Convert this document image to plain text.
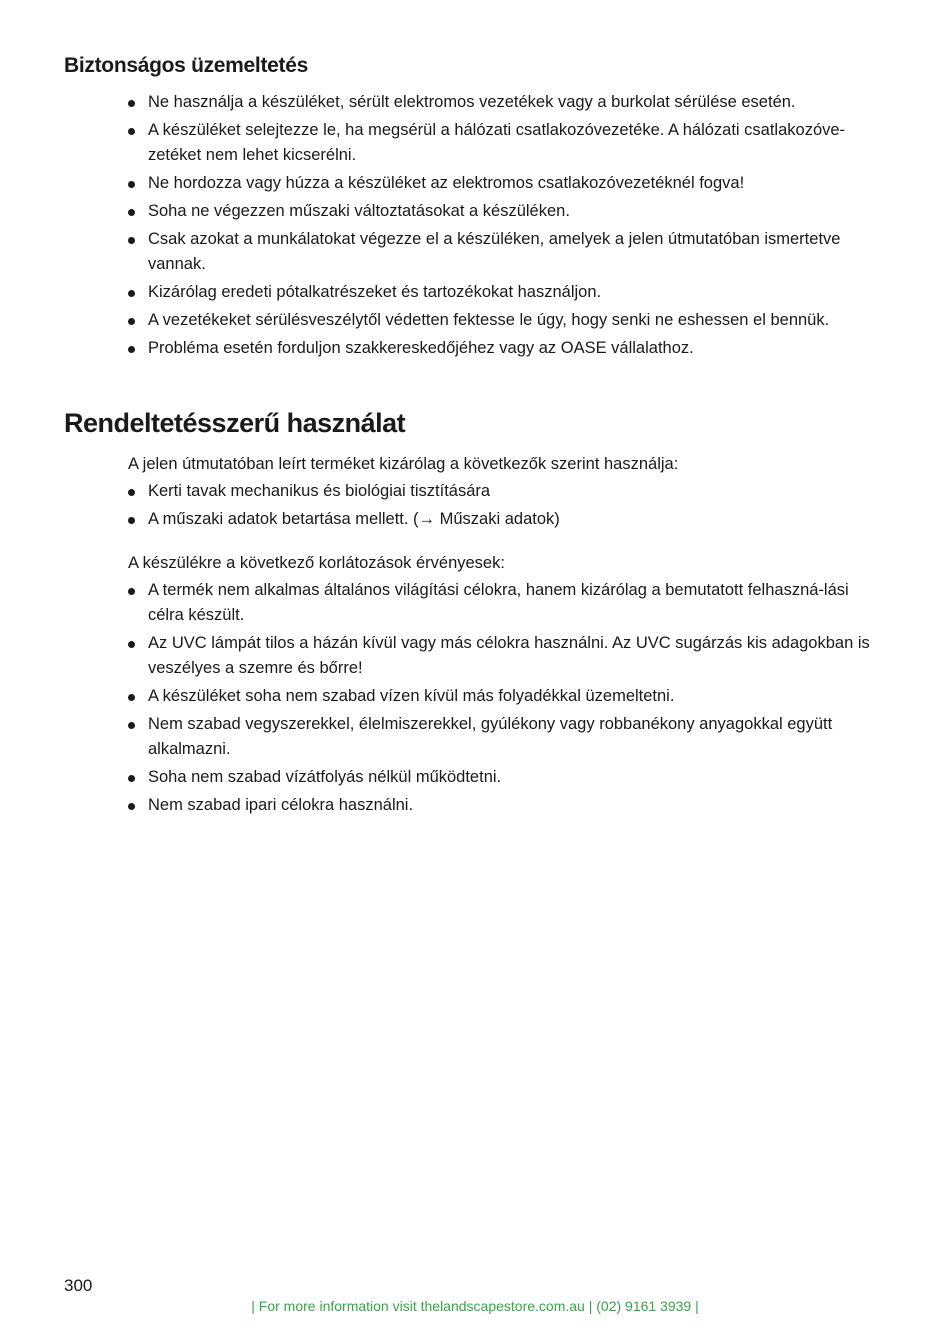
Biztonságos üzemeltetés
Ne használja a készüléket, sérült elektromos vezetékek vagy a burkolat sérülése esetén.
A készüléket selejtezze le, ha megsérül a hálózati csatlakozóvezetéke. A hálózati csatlakozóve-zetéket nem lehet kicserélni.
Ne hordozza vagy húzza a készüléket az elektromos csatlakozóvezetéknél fogva!
Soha ne végezzen műszaki változtatásokat a készüléken.
Csak azokat a munkálatokat végezze el a készüléken, amelyek a jelen útmutatóban ismertetve vannak.
Kizárólag eredeti pótalkatrészeket és tartozékokat használjon.
A vezetékeket sérülésveszélytől védetten fektesse le úgy, hogy senki ne eshessen el bennük.
Probléma esetén forduljon szakkereskedőjéhez vagy az OASE vállalathoz.
Rendeltetésszerű használat

A jelen útmutatóban leírt terméket kizárólag a következők szerint használja:

Kerti tavak mechanikus és biológiai tisztítására
A műszaki adatok betartása mellett. (→ Műszaki adatok)

A készülékre a következő korlátozások érvényesek:

A termék nem alkalmas általános világítási célokra, hanem kizárólag a bemutatott felhaszná-lási célra készült.
Az UVC lámpát tilos a házán kívül vagy más célokra használni. Az UVC sugárzás kis adagokban is veszélyes a szemre és bőrre!
A készüléket soha nem szabad vízen kívül más folyadékkal üzemeltetni.
Nem szabad vegyszerekkel, élelmiszerekkel, gyúlékony vagy robbanékony anyagokkal együtt alkalmazni.
Soha nem szabad vízátfolyás nélkül működtetni.
Nem szabad ipari célokra használni.
300
| For more information visit thelandscapestore.com.au | (02) 9161 3939 |
